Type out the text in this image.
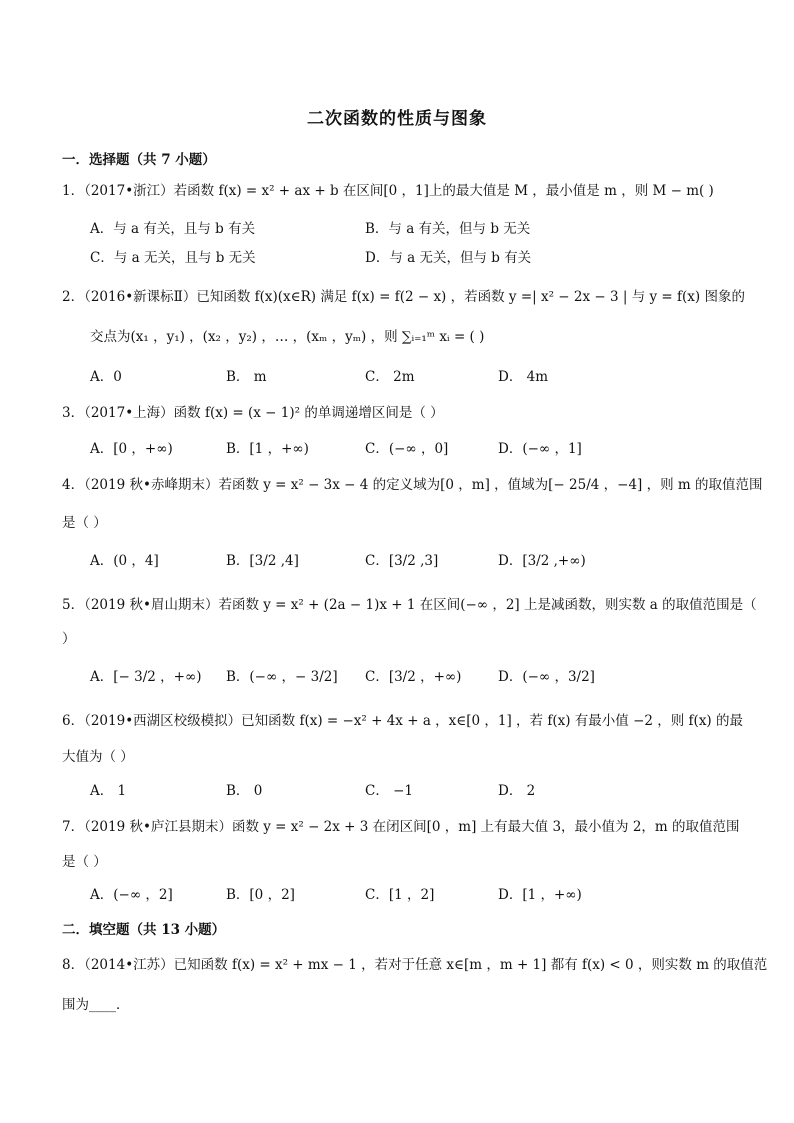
二次函数的性质与图象
一．选择题（共 7 小题）
1．（2017•浙江）若函数 f(x) = x² + ax + b 在区间[0 ，1]上的最大值是 M ，最小值是 m ，则 M − m( )
A．与 a 有关，且与 b 有关	B．与 a 有关，但与 b 无关
C．与 a 无关，且与 b 无关	D．与 a 无关，但与 b 有关
2．（2016•新课标Ⅱ）已知函数 f(x)(x∈R) 满足 f(x) = f(2 − x) ，若函数 y =| x² − 2x − 3 | 与 y = f(x) 图象的
交点为(x₁ ，y₁) ，(x₂ ，y₂) ，… ，(xₘ ，yₘ) ，则 ∑ᵢ₌₁ᵐ xᵢ = ( )
A．0	B． m	C． 2m	D． 4m
3．（2017•上海）函数 f(x) = (x − 1)² 的单调递增区间是（ ）
A．[0 ，+∞)	B．[1 ，+∞)	C．(−∞ ，0]	D．(−∞ ，1]
4．（2019 秋•赤峰期末）若函数 y = x² − 3x − 4 的定义域为[0 ，m] ，值域为[− 25/4 ，−4] ，则 m 的取值范围
是（ ）
A．(0 ，4]	B．[3/2 ,4]	C．[3/2 ,3]	D．[3/2 ,+∞)
5．（2019 秋•眉山期末）若函数 y = x² + (2a − 1)x + 1 在区间(−∞ ，2] 上是减函数，则实数 a 的取值范围是（
）
A．[− 3/2 ，+∞) B．(−∞ ，− 3/2] C．[3/2 ，+∞)	D．(−∞ ，3/2]
6．（2019•西湖区校级模拟）已知函数 f(x) = −x² + 4x + a ，x∈[0 ，1] ，若 f(x) 有最小值 −2 ，则 f(x) 的最
大值为（ ）
A． 1	B． 0	C． −1	D． 2
7．（2019 秋•庐江县期末）函数 y = x² − 2x + 3 在闭区间[0 ，m] 上有最大值 3，最小值为 2，m 的取值范围
是（ ）
A．(−∞ ，2]	B．[0 ，2]	C．[1 ，2]	D．[1 ，+∞)
二．填空题（共 13 小题）
8．（2014•江苏）已知函数 f(x) = x² + mx − 1 ，若对于任意 x∈[m ，m + 1] 都有 f(x) < 0 ，则实数 m 的取值范
围为____．
